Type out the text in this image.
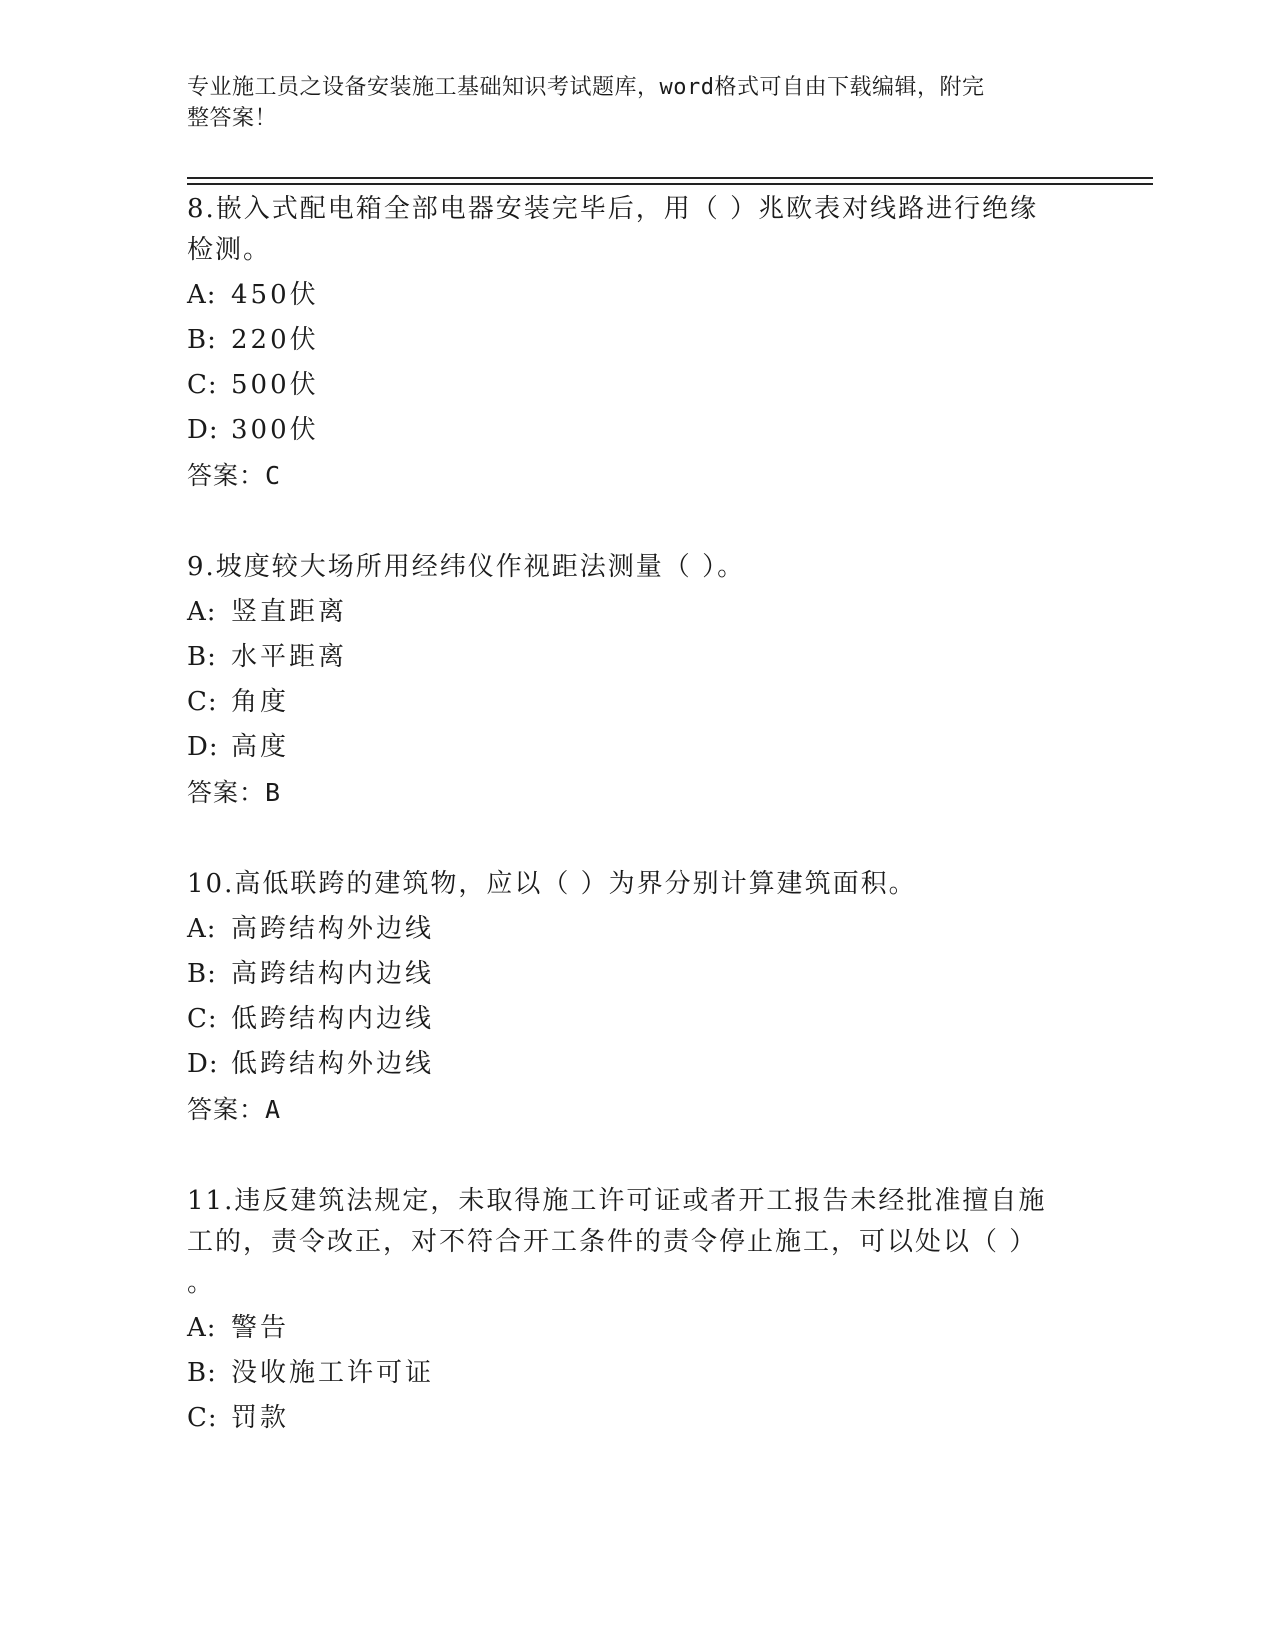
专业施工员之设备安装施工基础知识考试题库，word格式可自由下载编辑，附完
整答案！

8.嵌入式配电箱全部电器安装完毕后，用（ ）兆欧表对线路进行绝缘

检测。

A: 450伏

B: 220伏

C: 500伏

D: 300伏

答案：C

9.坡度较大场所用经纬仪作视距法测量（ ）。

A: 竖直距离

B: 水平距离

C: 角度

D: 高度

答案：B

10.高低联跨的建筑物，应以（ ）为界分别计算建筑面积。

A: 高跨结构外边线

B: 高跨结构内边线

C: 低跨结构内边线

D: 低跨结构外边线

答案：A

11.违反建筑法规定，未取得施工许可证或者开工报告未经批准擅自施

工的，责令改正，对不符合开工条件的责令停止施工，可以处以（ ）

。

A: 警告

B: 没收施工许可证

C: 罚款
